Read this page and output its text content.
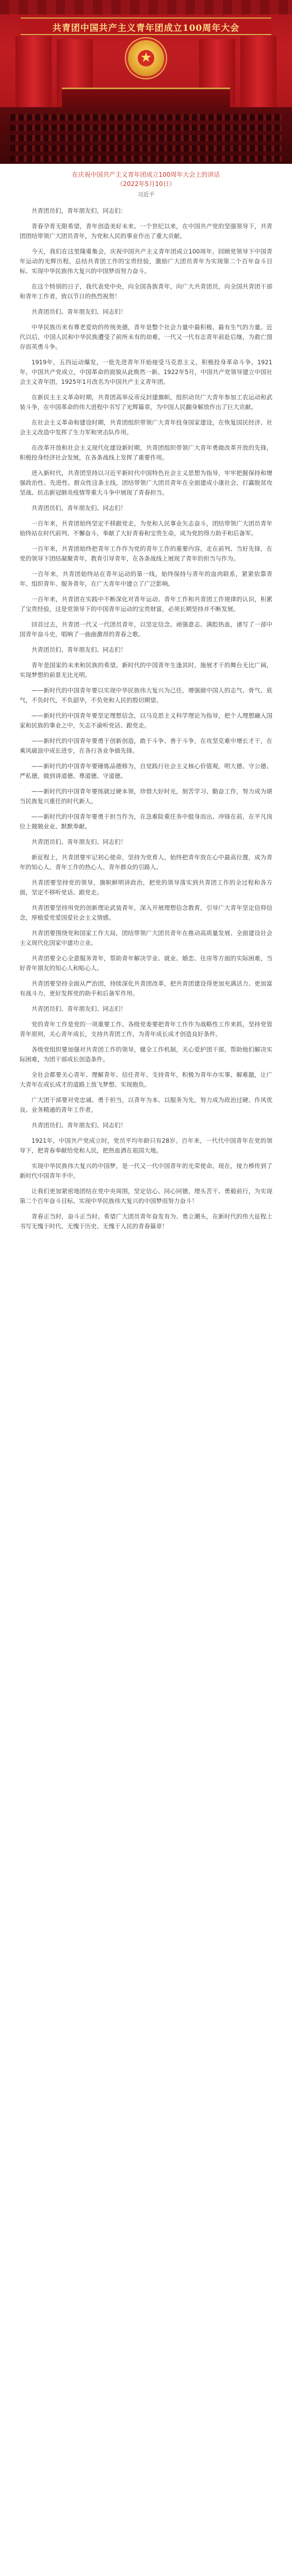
共青团中国共产主义青年团成立100周年大会
★
在庆祝中国共产主义青年团成立100周年大会上的讲话
（2022年5月10日）
习近平

共青团员们，青年朋友们，同志们：

青春孕育无限希望，青年创造美好未来。一个世纪以来，在中国共产党的坚强领导下，共青团团结带领广大团员青年，为党和人民的事业作出了重大贡献。

今天，我们在这里隆重集会，庆祝中国共产主义青年团成立100周年，回顾党领导下中国青年运动的光辉历程，总结共青团工作的宝贵经验，激励广大团员青年为实现第二个百年奋斗目标、实现中华民族伟大复兴的中国梦而努力奋斗。

在这个特别的日子，我代表党中央，向全国各族青年，向广大共青团员，向全国共青团干部和青年工作者，致以节日的热烈祝贺！

共青团员们、青年朋友们、同志们！

中华民族历来有尊老爱幼的传统美德，青年是整个社会力量中最积极、最有生气的力量。近代以后，中国人民和中华民族遭受了前所未有的劫难，一代又一代有志青年前赴后继，为救亡图存而英勇斗争。

1919年，五四运动爆发，一批先进青年开始接受马克思主义，积极投身革命斗争。1921年，中国共产党成立，中国革命的面貌从此焕然一新。1922年5月，中国共产党领导建立中国社会主义青年团，1925年1月改名为中国共产主义青年团。

在新民主主义革命时期，共青团高举反帝反封建旗帜，组织动员广大青年参加工农运动和武装斗争，在中国革命的伟大进程中书写了光辉篇章，为中国人民翻身解放作出了巨大贡献。

在社会主义革命和建设时期，共青团组织带领广大青年投身国家建设，在恢复国民经济、社会主义改造中发挥了生力军和突击队作用。

在改革开放和社会主义现代化建设新时期，共青团组织带领广大青年勇做改革开放的先锋，积极投身经济社会发展，在各条战线上发挥了重要作用。

进入新时代，共青团坚持以习近平新时代中国特色社会主义思想为指导，牢牢把握保持和增强政治性、先进性、群众性这条主线，团结带领广大团员青年在全面建成小康社会、打赢脱贫攻坚战、抗击新冠肺炎疫情等重大斗争中展现了青春担当。

共青团员们、青年朋友们、同志们！

一百年来，共青团始终坚定不移跟党走，为党和人民事业矢志奋斗，团结带领广大团员青年始终站在时代前列、不懈奋斗，奉献了大好青春和宝贵生命，成为党的得力助手和后备军。

一百年来，共青团始终把青年工作作为党的青年工作的重要内容，走在前列、当好先锋，在党的领导下团结凝聚青年，教育引导青年，在各条战线上展现了青年的担当与作为。

一百年来，共青团始终站在青年运动的第一线，始终保持与青年的血肉联系，紧紧依靠青年、组织青年、服务青年，在广大青年中建立了广泛影响。

一百年来，共青团在实践中不断深化对青年运动、青年工作和共青团工作规律的认识，积累了宝贵经验，这是党领导下的中国青年运动的宝贵财富，必须长期坚持并不断发展。

回首过去，共青团一代又一代团员青年，以坚定信念、顽强意志、满腔热血，谱写了一部中国青年奋斗史，唱响了一曲曲激昂的青春之歌。

共青团员们、青年朋友们、同志们！

青年是国家的未来和民族的希望。新时代的中国青年生逢其时，施展才干的舞台无比广阔，实现梦想的前景无比光明。

——新时代的中国青年要以实现中华民族伟大复兴为己任，增强做中国人的志气、骨气、底气，不负时代，不负韶华，不负党和人民的殷切期望。

——新时代的中国青年要坚定理想信念，以马克思主义科学理论为指导，把个人理想融入国家和民族的事业之中，矢志不渝听党话、跟党走。

——新时代的中国青年要勇于创新创造，敢于斗争、善于斗争，在攻坚克难中增长才干，在乘风破浪中成长进步，在各行各业争做先锋。

——新时代的中国青年要锤炼品德修为，自觉践行社会主义核心价值观，明大德、守公德、严私德，做到讲道德、尊道德、守道德。

——新时代的中国青年要练就过硬本领，珍惜大好时光，刻苦学习、勤奋工作，努力成为堪当民族复兴重任的时代新人。

——新时代的中国青年要勇于担当作为，在急难险重任务中挺身而出、冲锋在前，在平凡岗位上兢兢业业、默默奉献。

共青团员们、青年朋友们、同志们！

新征程上，共青团要牢记初心使命，坚持为党育人，始终把青年放在心中最高位置，成为青年的知心人、青年工作的热心人、青年群众的引路人。

共青团要坚持党的领导，旗帜鲜明讲政治，把党的领导落实到共青团工作的全过程和各方面，坚定不移听党话、跟党走。

共青团要坚持用党的创新理论武装青年，深入开展理想信念教育，引导广大青年坚定信仰信念，厚植爱党爱国爱社会主义情感。

共青团要围绕党和国家工作大局，团结带领广大团员青年在推动高质量发展、全面建设社会主义现代化国家中建功立业。

共青团要全心全意服务青年，帮助青年解决学业、就业、婚恋、住房等方面的实际困难，当好青年朋友的知心人和贴心人。

共青团要坚持全面从严治团，持续深化共青团改革，把共青团建设得更加充满活力、更加富有战斗力，更好发挥党的助手和后备军作用。

共青团员们、青年朋友们、同志们！

党的青年工作是党的一项重要工作。各级党委要把青年工作作为战略性工作来抓，坚持党管青年原则，关心青年成长，支持共青团工作，为青年成长成才创造良好条件。

各级党组织要加强对共青团工作的领导，健全工作机制，关心爱护团干部，帮助他们解决实际困难，为团干部成长创造条件。

全社会都要关心青年、理解青年、信任青年、支持青年，积极为青年办实事、解难题，让广大青年在成长成才的道路上放飞梦想、实现抱负。

广大团干部要对党忠诚、勇于担当，以青年为本、以服务为先，努力成为政治过硬、作风优良、业务精通的青年工作者。

共青团员们、青年朋友们、同志们！

1921年，中国共产党成立时，党员平均年龄只有28岁。百年来，一代代中国青年在党的领导下，把青春奉献给党和人民，把热血洒在祖国大地。

实现中华民族伟大复兴的中国梦，是一代又一代中国青年的光荣使命。现在，接力棒传到了新时代中国青年手中。

让我们更加紧密地团结在党中央周围，坚定信心、同心同德，埋头苦干、勇毅前行，为实现第二个百年奋斗目标、实现中华民族伟大复兴的中国梦而努力奋斗！

青春正当时，奋斗正当时。希望广大团员青年奋发有为、勇立潮头，在新时代的伟大征程上书写无愧于时代、无愧于历史、无愧于人民的青春篇章！
